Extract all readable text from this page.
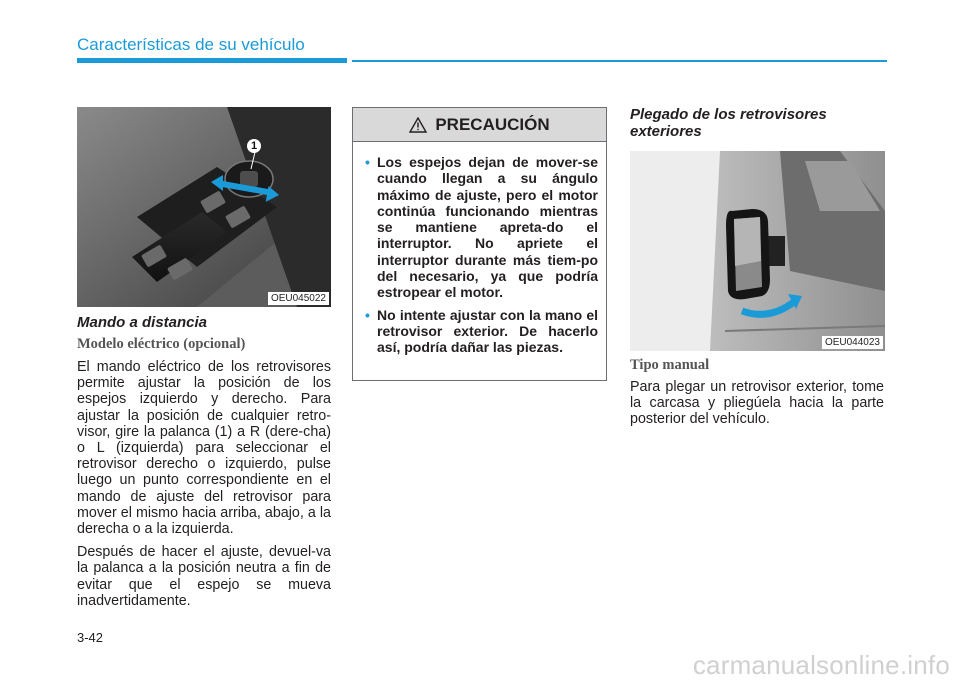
Características de su vehículo
1
OEU045022

Mando a distancia

Modelo eléctrico (opcional)

El mando eléctrico de los retrovisores permite ajustar la posición de los espejos izquierdo y derecho. Para ajustar la posición de cualquier retro-visor, gire la palanca (1) a R (dere-cha) o L (izquierda) para seleccionar el retrovisor derecho o izquierdo, pulse luego un punto correspondiente en el mando de ajuste del retrovisor para mover el mismo hacia arriba, abajo, a la derecha o a la izquierda.

Después de hacer el ajuste, devuel-va la palanca a la posición neutra a fin de evitar que el espejo se mueva inadvertidamente.

PRECAUCIÓN
• Los espejos dejan de mover-se cuando llegan a su ángulo máximo de ajuste, pero el motor continúa funcionando mientras se mantiene apreta-do el interruptor. No apriete el interruptor durante más tiem-po del necesario, ya que podría estropear el motor.
• No intente ajustar con la mano el retrovisor exterior. De hacerlo así, podría dañar las piezas.

Plegado de los retrovisores exteriores

OEU044023

Tipo manual

Para plegar un retrovisor exterior, tome la carcasa y pliegúela hacia la parte posterior del vehículo.

3-42
carmanualsonline.info
